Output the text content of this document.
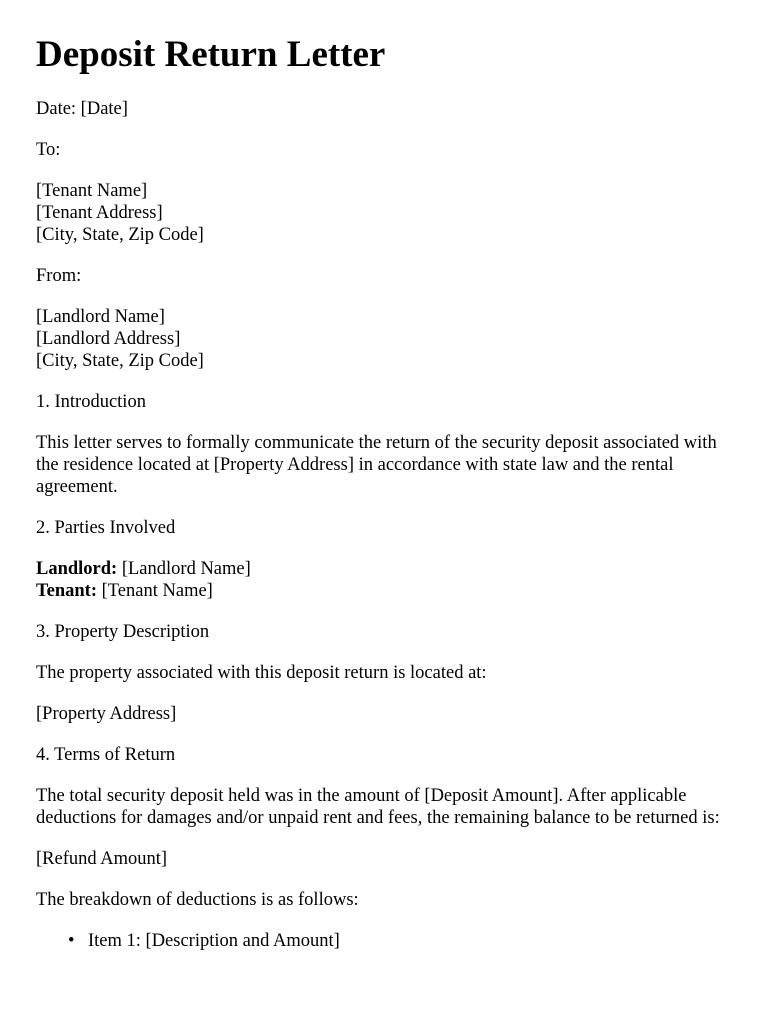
Deposit Return Letter

Date: [Date]

To:

[Tenant Name]
[Tenant Address]
[City, State, Zip Code]

From:

[Landlord Name]
[Landlord Address]
[City, State, Zip Code]

1. Introduction

This letter serves to formally communicate the return of the security deposit associated with the residence located at [Property Address] in accordance with state law and the rental agreement.

2. Parties Involved

Landlord: [Landlord Name]
Tenant: [Tenant Name]

3. Property Description

The property associated with this deposit return is located at:

[Property Address]

4. Terms of Return

The total security deposit held was in the amount of [Deposit Amount]. After applicable deductions for damages and/or unpaid rent and fees, the remaining balance to be returned is:

[Refund Amount]

The breakdown of deductions is as follows:

• Item 1: [Description and Amount]
